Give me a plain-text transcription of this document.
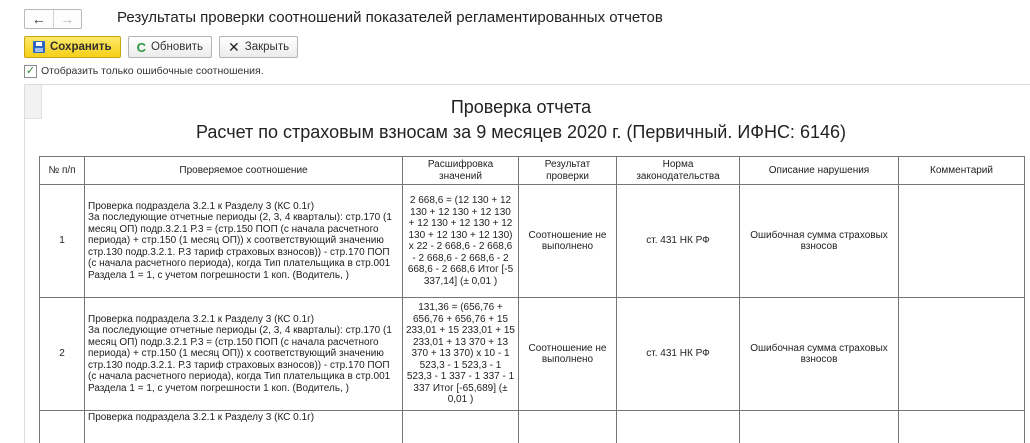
←	→	Результаты проверки соотношений показателей регламентированных отчетов
Сохранить C Обновить ✕ Закрыть
✓ Отобразить только ошибочные соотношения.
Проверка отчета
Расчет по страховым взносам за 9 месяцев 2020 г. (Первичный. ИФНС: 6146)
№ п/п	Проверяемое соотношение	Расшифровка значений	Результат проверки	Норма законодательства	Описание нарушения	Комментарий
1	Проверка подраздела 3.2.1 к Разделу 3 (КС 0.1г)
За последующие отчетные периоды (2, 3, 4 кварталы): стр.170 (1 месяц ОП) подр.3.2.1 Р.3 = (стр.150 ПОП (с начала расчетного периода) + стр.150 (1 месяц ОП)) х соответствующий значению стр.130 подр.3.2.1. Р.3 тариф страховых взносов)) - стр.170 ПОП (с начала расчетного периода), когда Тип плательщика в стр.001 Раздела 1 = 1, с учетом погрешности 1 коп. (Водитель, )	2 668,6 = (12 130 + 12 130 + 12 130 + 12 130 + 12 130 + 12 130 + 12 130 + 12 130 + 12 130) х 22 - 2 668,6 - 2 668,6 - 2 668,6 - 2 668,6 - 2 668,6 - 2 668,6 Итог [-5 337,14] (± 0,01 )	Соотношение не выполнено	ст. 431 НК РФ	Ошибочная сумма страховых взносов	
2	Проверка подраздела 3.2.1 к Разделу 3 (КС 0.1г)
За последующие отчетные периоды (2, 3, 4 кварталы): стр.170 (1 месяц ОП) подр.3.2.1 Р.3 = (стр.150 ПОП (с начала расчетного периода) + стр.150 (1 месяц ОП)) х соответствующий значению стр.130 подр.3.2.1. Р.3 тариф страховых взносов)) - стр.170 ПОП (с начала расчетного периода), когда Тип плательщика в стр.001 Раздела 1 = 1, с учетом погрешности 1 коп. (Водитель, )	131,36 = (656,76 + 656,76 + 656,76 + 15 233,01 + 15 233,01 + 15 233,01 + 13 370 + 13 370 + 13 370) х 10 - 1 523,3 - 1 523,3 - 1 523,3 - 1 337 - 1 337 - 1 337 Итог [-65,689] (± 0,01 )	Соотношение не выполнено	ст. 431 НК РФ	Ошибочная сумма страховых взносов	
	Проверка подраздела 3.2.1 к Разделу 3 (КС 0.1г)					
